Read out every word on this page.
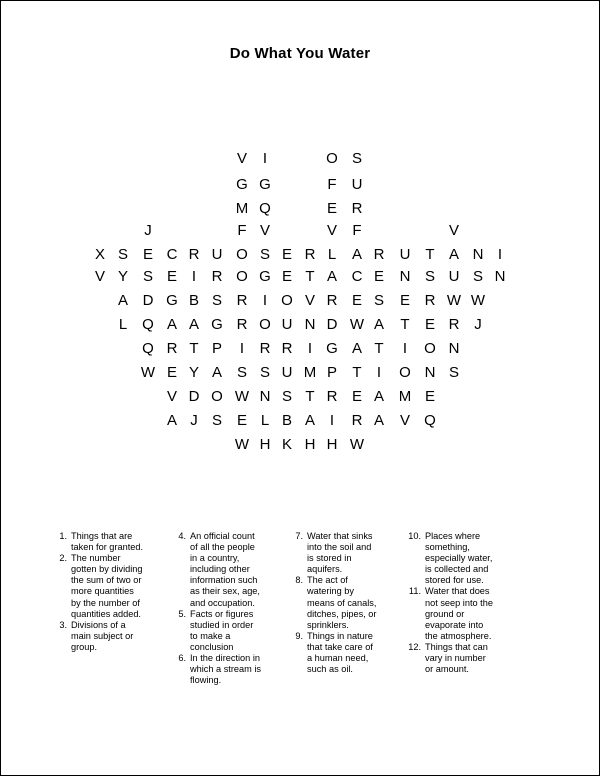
Do What You Water
V	I	O S
G G	F	U
M Q	E R
J	F V	V	F	V
X S E C R U O S E R L	A R	U T A N I
V Y S E I	R O G E T A C E	N S U S N
A D G B S R	I O V R E S	E R W W
L Q A A G R O U N D W A	T	E R J
Q R T P	I	R R	I G A T	I	O N
W E Y A S S U M P	T	I	O N S
V D O W N S T R E A M E
A J S E L B A I	R A	V Q
W H K H H W
1. Things that are
taken for granted.
2. The number
gotten by dividing
the sum of two or
more quantities
by the number of
quantities added.
3. Divisions of a
main subject or
group.
4. An official count
of all the people
in a country,
including other
information such
as their sex, age,
and occupation.
5. Facts or figures
studied in order
to make a
conclusion
6. In the direction in
which a stream is
flowing.
7. Water that sinks
into the soil and
is stored in
aquifers.
8. The act of
watering by
means of canals,
ditches, pipes, or
sprinklers.
9. Things in nature
that take care of
a human need,
such as oil.
10. Places where
something,
especially water,
is collected and
stored for use.
11. Water that does
not seep into the
ground or
evaporate into
the atmosphere.
12. Things that can
vary in number
or amount.
